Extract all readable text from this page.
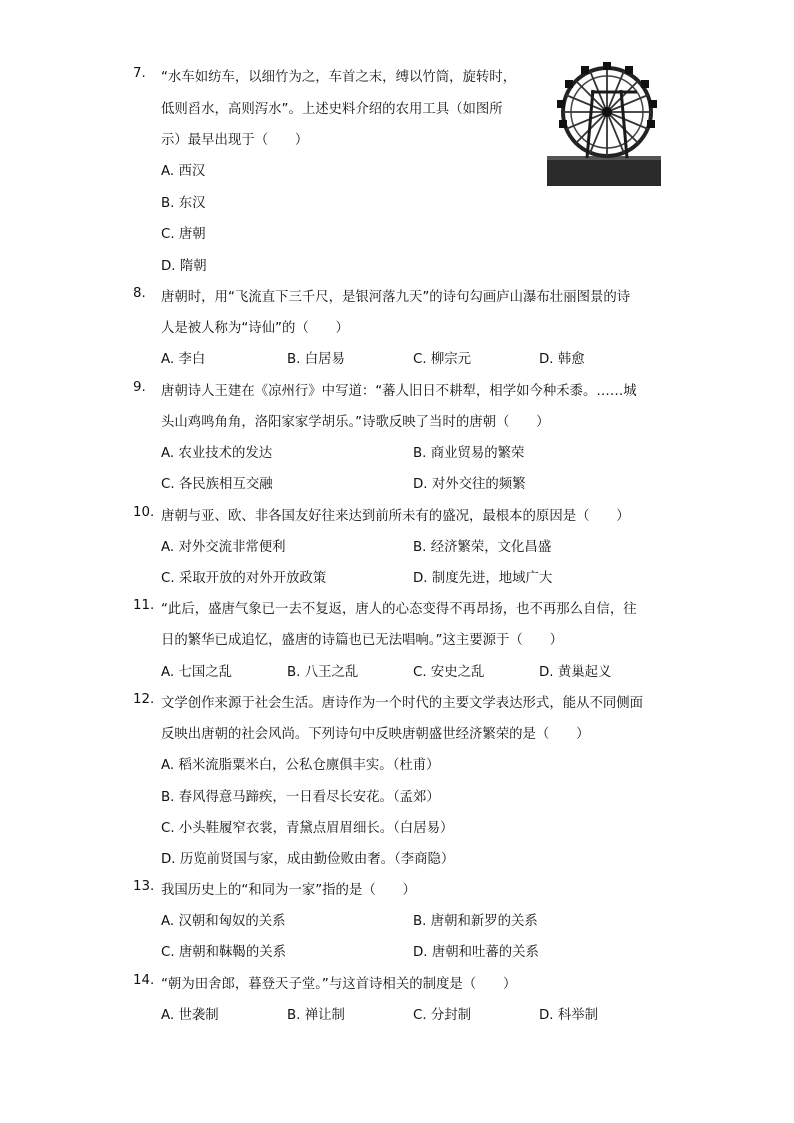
7.	“水车如纺车，以细竹为之，车首之末，缚以竹筒，旋转时，
低则舀水，高则泻水”。上述史料介绍的农用工具（如图所
示）最早出现于（　　）
A. 西汉
B. 东汉
C. 唐朝
D. 隋朝
8.	唐朝时，用“飞流直下三千尺，是银河落九天”的诗句勾画庐山瀑布壮丽图景的诗
人是被人称为“诗仙”的（　　）
A. 李白	B. 白居易	C. 柳宗元	D. 韩愈
9.	唐朝诗人王建在《凉州行》中写道：“蕃人旧日不耕犁，相学如今种禾黍。……城
头山鸡鸣角角，洛阳家家学胡乐。”诗歌反映了当时的唐朝（　　）
A. 农业技术的发达	B. 商业贸易的繁荣
C. 各民族相互交融	D. 对外交往的频繁
10. 唐朝与亚、欧、非各国友好往来达到前所未有的盛况，最根本的原因是（　　）
A. 对外交流非常便利	B. 经济繁荣，文化昌盛
C. 采取开放的对外开放政策	D. 制度先进，地域广大
11. “此后，盛唐气象已一去不复返，唐人的心态变得不再昂扬，也不再那么自信，往
日的繁华已成追忆，盛唐的诗篇也已无法唱响。”这主要源于（　　）
A. 七国之乱	B. 八王之乱	C. 安史之乱	D. 黄巢起义
12. 文学创作来源于社会生活。唐诗作为一个时代的主要文学表达形式，能从不同侧面
反映出唐朝的社会风尚。下列诗句中反映唐朝盛世经济繁荣的是（　　）
A. 稻米流脂粟米白，公私仓廪俱丰实。（杜甫）
B. 春风得意马蹄疾，一日看尽长安花。（孟郊）
C. 小头鞋履窄衣裳，青黛点眉眉细长。（白居易）
D. 历览前贤国与家，成由勤俭败由奢。（李商隐）
13. 我国历史上的“和同为一家”指的是（　　）
A. 汉朝和匈奴的关系	B. 唐朝和新罗的关系
C. 唐朝和靺鞨的关系	D. 唐朝和吐蕃的关系
14. “朝为田舍郎，暮登天子堂。”与这首诗相关的制度是（　　）
A. 世袭制	B. 禅让制	C. 分封制	D. 科举制
